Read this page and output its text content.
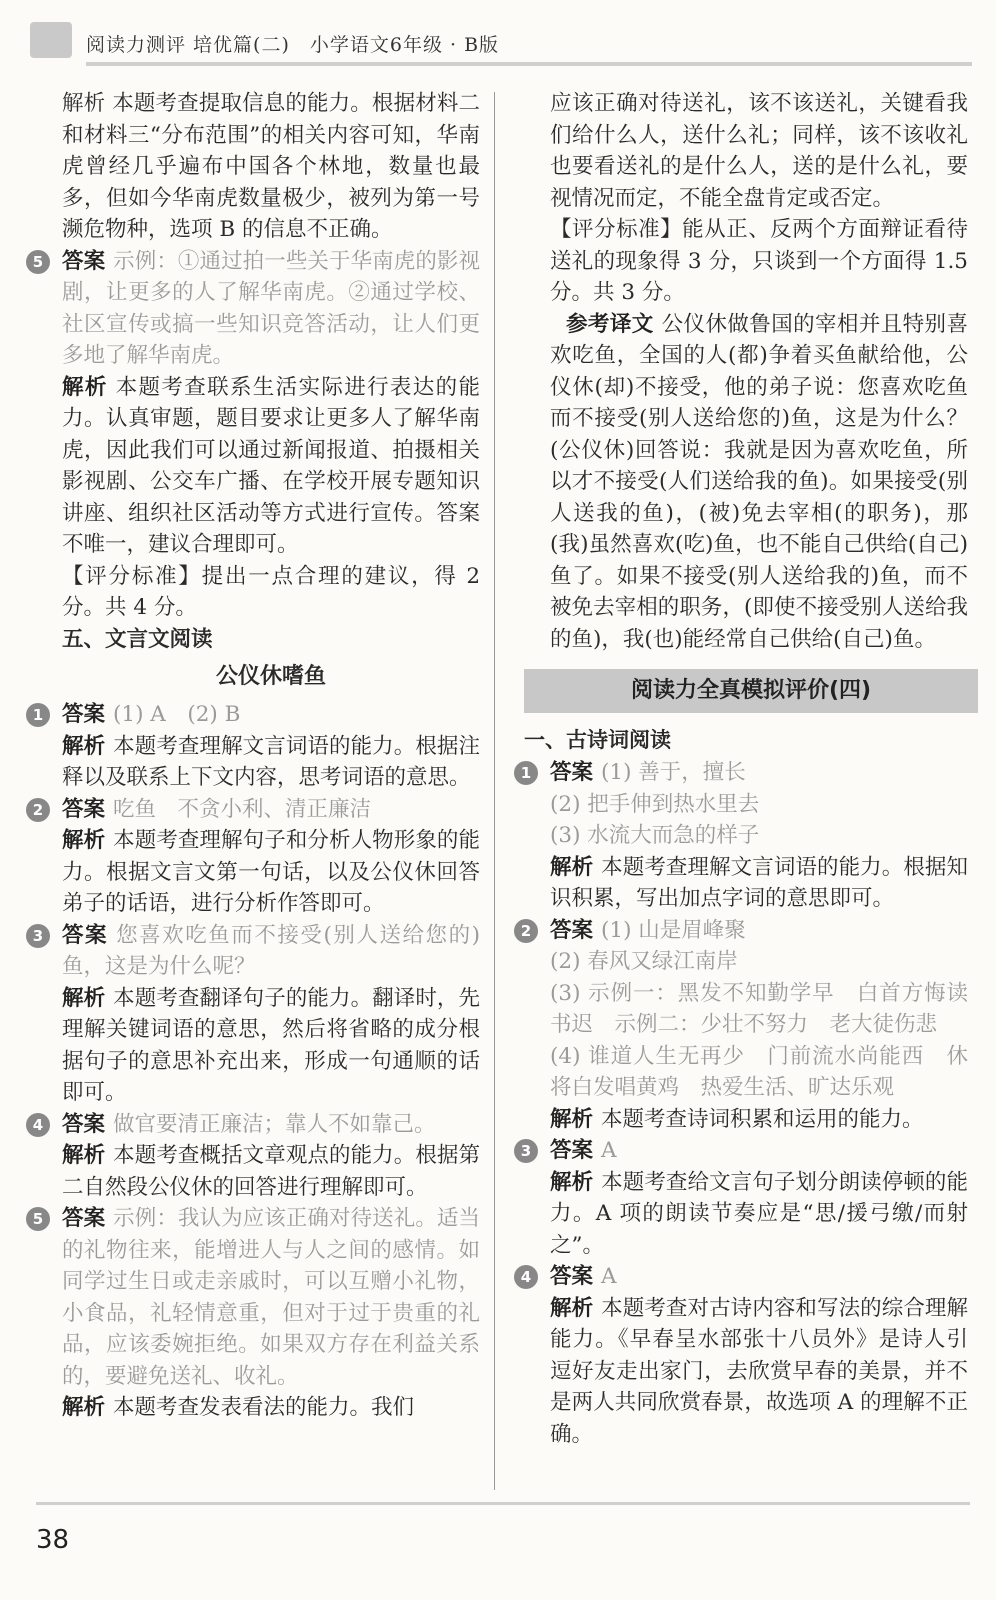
阅读力测评 培优篇(二)　小学语文6年级 · B版

解析 本题考查提取信息的能力。根据材料二和材料三“分布范围”的相关内容可知，华南虎曾经几乎遍布中国各个林地，数量也最多，但如今华南虎数量极少，被列为第一号濒危物种，选项 B 的信息不正确。

5 答案 示例：①通过拍一些关于华南虎的影视剧，让更多的人了解华南虎。②通过学校、社区宣传或搞一些知识竞答活动，让人们更多地了解华南虎。

解析 本题考查联系生活实际进行表达的能力。认真审题，题目要求让更多人了解华南虎，因此我们可以通过新闻报道、拍摄相关影视剧、公交车广播、在学校开展专题知识讲座、组织社区活动等方式进行宣传。答案不唯一，建议合理即可。

【评分标准】提出一点合理的建议，得 2 分。共 4 分。

五、文言文阅读

公仪休嗜鱼

1 答案 (1) A　(2) B

解析 本题考查理解文言词语的能力。根据注释以及联系上下文内容，思考词语的意思。

2 答案 吃鱼　不贪小利、清正廉洁

解析 本题考查理解句子和分析人物形象的能力。根据文言文第一句话，以及公仪休回答弟子的话语，进行分析作答即可。

3 答案 您喜欢吃鱼而不接受(别人送给您的)鱼，这是为什么呢？

解析 本题考查翻译句子的能力。翻译时，先理解关键词语的意思，然后将省略的成分根据句子的意思补充出来，形成一句通顺的话即可。

4 答案 做官要清正廉洁；靠人不如靠己。

解析 本题考查概括文章观点的能力。根据第二自然段公仪休的回答进行理解即可。

5 答案 示例：我认为应该正确对待送礼。适当的礼物往来，能增进人与人之间的感情。如同学过生日或走亲戚时，可以互赠小礼物，小食品，礼轻情意重，但对于过于贵重的礼品，应该委婉拒绝。如果双方存在利益关系的，要避免送礼、收礼。

解析 本题考查发表看法的能力。我们

应该正确对待送礼，该不该送礼，关键看我们给什么人，送什么礼；同样，该不该收礼也要看送礼的是什么人，送的是什么礼，要视情况而定，不能全盘肯定或否定。

【评分标准】能从正、反两个方面辩证看待送礼的现象得 3 分，只谈到一个方面得 1.5 分。共 3 分。

参考译文 公仪休做鲁国的宰相并且特别喜欢吃鱼，全国的人(都)争着买鱼献给他，公仪休(却)不接受，他的弟子说：您喜欢吃鱼而不接受(别人送给您的)鱼，这是为什么？(公仪休)回答说：我就是因为喜欢吃鱼，所以才不接受(人们送给我的鱼)。如果接受(别人送我的鱼)，(被)免去宰相(的职务)，那(我)虽然喜欢(吃)鱼，也不能自己供给(自己)鱼了。如果不接受(别人送给我的)鱼，而不被免去宰相的职务，(即使不接受别人送给我的鱼)，我(也)能经常自己供给(自己)鱼。

阅读力全真模拟评价(四)

一、古诗词阅读

1 答案 (1) 善于，擅长

(2) 把手伸到热水里去

(3) 水流大而急的样子

解析 本题考查理解文言词语的能力。根据知识积累，写出加点字词的意思即可。

2 答案 (1) 山是眉峰聚

(2) 春风又绿江南岸

(3) 示例一：黑发不知勤学早　白首方悔读书迟　示例二：少壮不努力　老大徒伤悲

(4) 谁道人生无再少　门前流水尚能西　休将白发唱黄鸡　热爱生活、旷达乐观

解析 本题考查诗词积累和运用的能力。

3 答案 A

解析 本题考查给文言句子划分朗读停顿的能力。A 项的朗读节奏应是“思/援弓缴/而射之”。

4 答案 A

解析 本题考查对古诗内容和写法的综合理解能力。《早春呈水部张十八员外》是诗人引逗好友走出家门，去欣赏早春的美景，并不是两人共同欣赏春景，故选项 A 的理解不正确。

38
